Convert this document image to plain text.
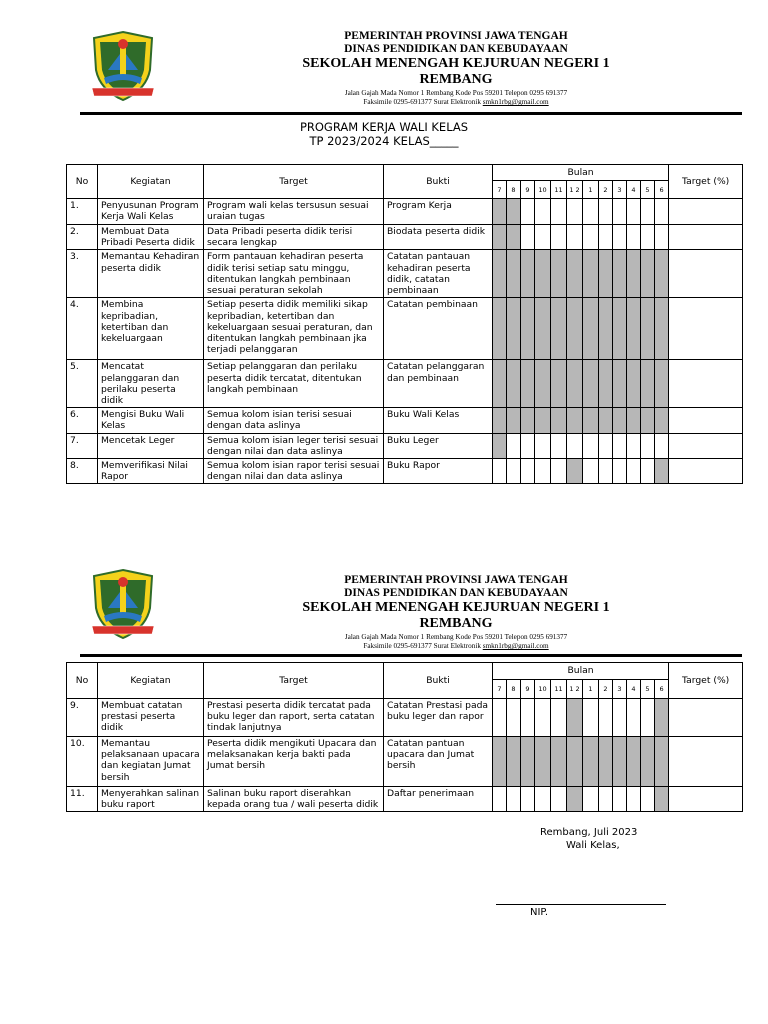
PEMERINTAH PROVINSI JAWA TENGAH
DINAS PENDIDIKAN DAN KEBUDAYAAN
SEKOLAH MENENGAH KEJURUAN NEGERI 1
REMBANG
Jalan Gajah Mada Nomor 1 Rembang Kode Pos 59201 Telepon 0295 691377
Faksimile 0295-691377 Surat Elektronik smkn1rbg@gmail.com
PROGRAM KERJA WALI KELAS
TP 2023/2024 KELAS_____
No	Kegiatan	Target	Bukti	Bulan												Target (%)
				7	8	9	10	11	1 2	1	2	3	4	5	6	
1.	Penyusunan Program Kerja Wali Kelas	Program wali kelas tersusun sesuai uraian tugas	Program Kerja													
2.	Membuat Data Pribadi Peserta didik	Data Pribadi peserta didik terisi secara lengkap	Biodata peserta didik													
3.	Memantau Kehadiran peserta didik	Form pantauan kehadiran peserta didik terisi setiap satu minggu, ditentukan langkah pembinaan sesuai peraturan sekolah	Catatan pantauan kehadiran peserta didik, catatan pembinaan													
4.	Membina kepribadian, ketertiban dan kekeluargaan	Setiap peserta didik memiliki sikap kepribadian, ketertiban dan kekeluargaan sesuai peraturan, dan ditentukan langkah pembinaan jka terjadi pelanggaran	Catatan pembinaan													
5.	Mencatat pelanggaran dan perilaku peserta didik	Setiap pelanggaran dan perilaku peserta didik tercatat, ditentukan langkah pembinaan	Catatan pelanggaran dan pembinaan													
6.	Mengisi Buku Wali Kelas	Semua kolom isian terisi sesuai dengan data aslinya	Buku Wali Kelas													
7.	Mencetak Leger	Semua kolom isian leger terisi sesuai dengan nilai dan data aslinya	Buku Leger													
8.	Memverifikasi Nilai Rapor	Semua kolom isian rapor terisi sesuai dengan nilai dan data aslinya	Buku Rapor													
PEMERINTAH PROVINSI JAWA TENGAH
DINAS PENDIDIKAN DAN KEBUDAYAAN
SEKOLAH MENENGAH KEJURUAN NEGERI 1
REMBANG
Jalan Gajah Mada Nomor 1 Rembang Kode Pos 59201 Telepon 0295 691377
Faksimile 0295-691377 Surat Elektronik smkn1rbg@gmail.com
No	Kegiatan	Target	Bukti	Bulan												Target (%)
				7	8	9	10	11	1 2	1	2	3	4	5	6	
9.	Membuat catatan prestasi peserta didik	Prestasi peserta didik tercatat pada buku leger dan raport, serta catatan tindak lanjutnya	Catatan Prestasi pada buku leger dan rapor													
10.	Memantau pelaksanaan upacara dan kegiatan Jumat bersih	Peserta didik mengikuti Upacara dan melaksanakan kerja bakti pada Jumat bersih	Catatan pantuan upacara dan Jumat bersih													
11.	Menyerahkan salinan buku raport	Salinan buku raport diserahkan kepada orang tua / wali peserta didik	Daftar penerimaan													
Rembang, Juli 2023
Wali Kelas,
NIP.
